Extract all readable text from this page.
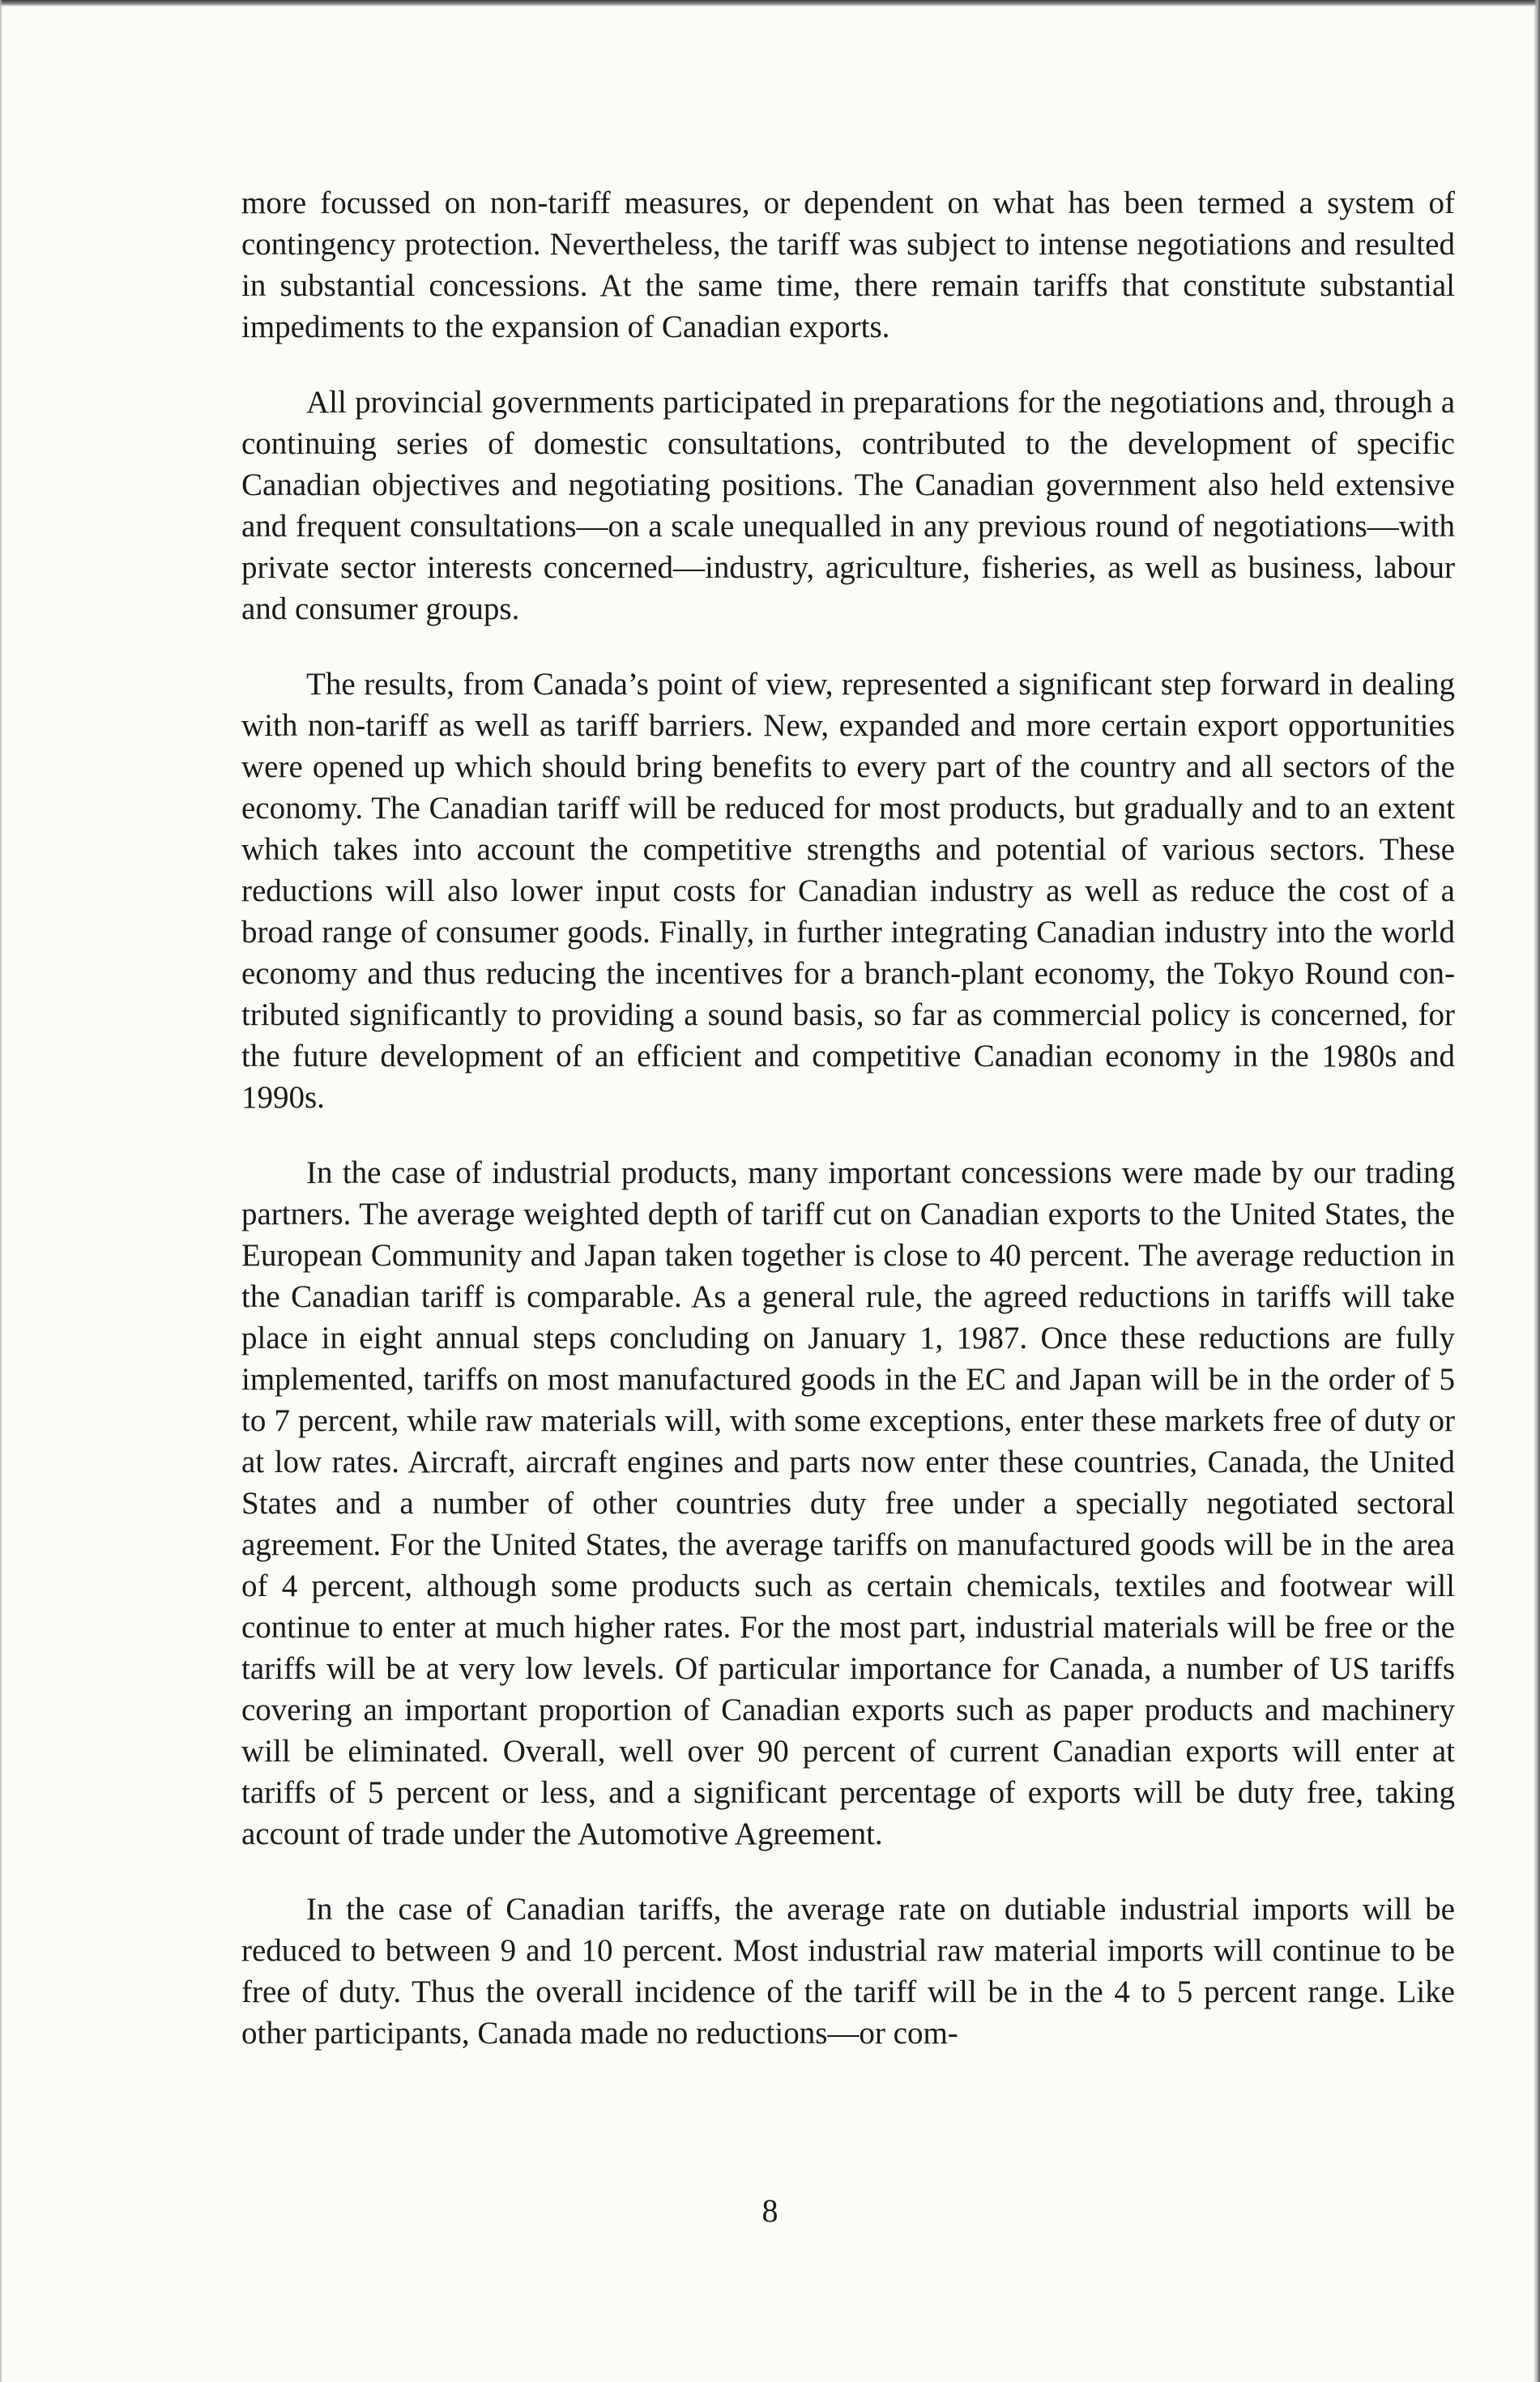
more focussed on non-tariff measures, or dependent on what has been termed a system of contingency protection. Nevertheless, the tariff was subject to intense negotiations and resulted in substantial concessions. At the same time, there remain tariffs that constitute substantial impediments to the expansion of Canadian exports.

All provincial governments participated in preparations for the negotiations and, through a continuing series of domestic consultations, contributed to the development of specific Canadian objectives and negotiating positions. The Canadian government also held extensive and frequent consultations—on a scale unequalled in any previous round of negotiations—with private sector interests concerned—industry, agriculture, fisheries, as well as business, labour and consumer groups.

The results, from Canada’s point of view, represented a significant step forward in dealing with non-tariff as well as tariff barriers. New, expanded and more certain export opportunities were opened up which should bring benefits to every part of the country and all sectors of the economy. The Canadian tariff will be reduced for most products, but gradually and to an extent which takes into account the competitive strengths and potential of various sectors. These reductions will also lower input costs for Canadian industry as well as reduce the cost of a broad range of consumer goods. Finally, in further integrating Canadian industry into the world economy and thus reducing the incentives for a branch-plant economy, the Tokyo Round contributed significantly to providing a sound basis, so far as commercial policy is concerned, for the future development of an efficient and competitive Canadian economy in the 1980s and 1990s.

In the case of industrial products, many important concessions were made by our trading partners. The average weighted depth of tariff cut on Canadian exports to the United States, the European Community and Japan taken together is close to 40 percent. The average reduction in the Canadian tariff is comparable. As a general rule, the agreed reductions in tariffs will take place in eight annual steps concluding on January 1, 1987. Once these reductions are fully implemented, tariffs on most manufactured goods in the EC and Japan will be in the order of 5 to 7 percent, while raw materials will, with some exceptions, enter these markets free of duty or at low rates. Aircraft, aircraft engines and parts now enter these countries, Canada, the United States and a number of other countries duty free under a specially negotiated sectoral agreement. For the United States, the average tariffs on manufactured goods will be in the area of 4 percent, although some products such as certain chemicals, textiles and footwear will continue to enter at much higher rates. For the most part, industrial materials will be free or the tariffs will be at very low levels. Of particular importance for Canada, a number of US tariffs covering an important proportion of Canadian exports such as paper products and machinery will be eliminated. Overall, well over 90 percent of current Canadian exports will enter at tariffs of 5 percent or less, and a significant percentage of exports will be duty free, taking account of trade under the Automotive Agreement.

In the case of Canadian tariffs, the average rate on dutiable industrial imports will be reduced to between 9 and 10 percent. Most industrial raw material imports will continue to be free of duty. Thus the overall incidence of the tariff will be in the 4 to 5 percent range. Like other participants, Canada made no reductions—or com-

8
